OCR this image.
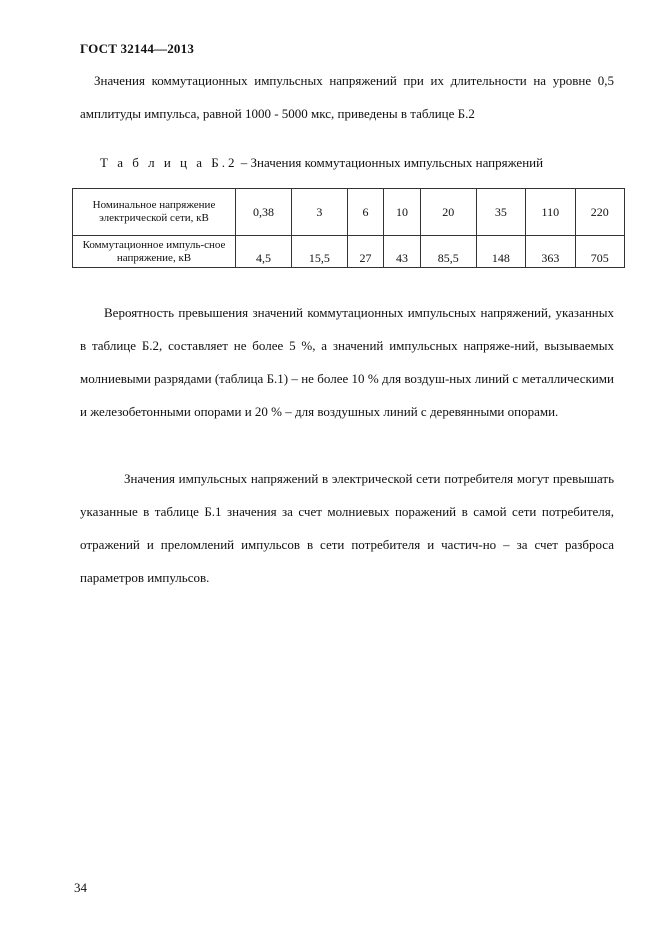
ГОСТ 32144—2013
Значения коммутационных импульсных напряжений при их длительности на уровне 0,5 амплитуды импульса, равной 1000 - 5000 мкс, приведены в таблице Б.2
Т а б л и ц а Б.2 – Значения коммутационных импульсных напряжений
Номинальное напряжение электрической сети, кВ	0,38	3	6	10	20	35	110	220
Коммутационное импуль-сное напряжение, кВ	4,5	15,5	27	43	85,5	148	363	705
Вероятность превышения значений коммутационных импульсных напряжений, указанных в таблице Б.2, составляет не более 5 %, а значений импульсных напряже-ний, вызываемых молниевыми разрядами (таблица Б.1) – не более 10 % для воздуш-ных линий с металлическими и железобетонными опорами и 20 % – для воздушных линий с деревянными опорами.
Значения импульсных напряжений в электрической сети потребителя могут превышать указанные в таблице Б.1 значения за счет молниевых поражений в самой сети потребителя, отражений и преломлений импульсов в сети потребителя и частич-но – за счет разброса параметров импульсов.
34
